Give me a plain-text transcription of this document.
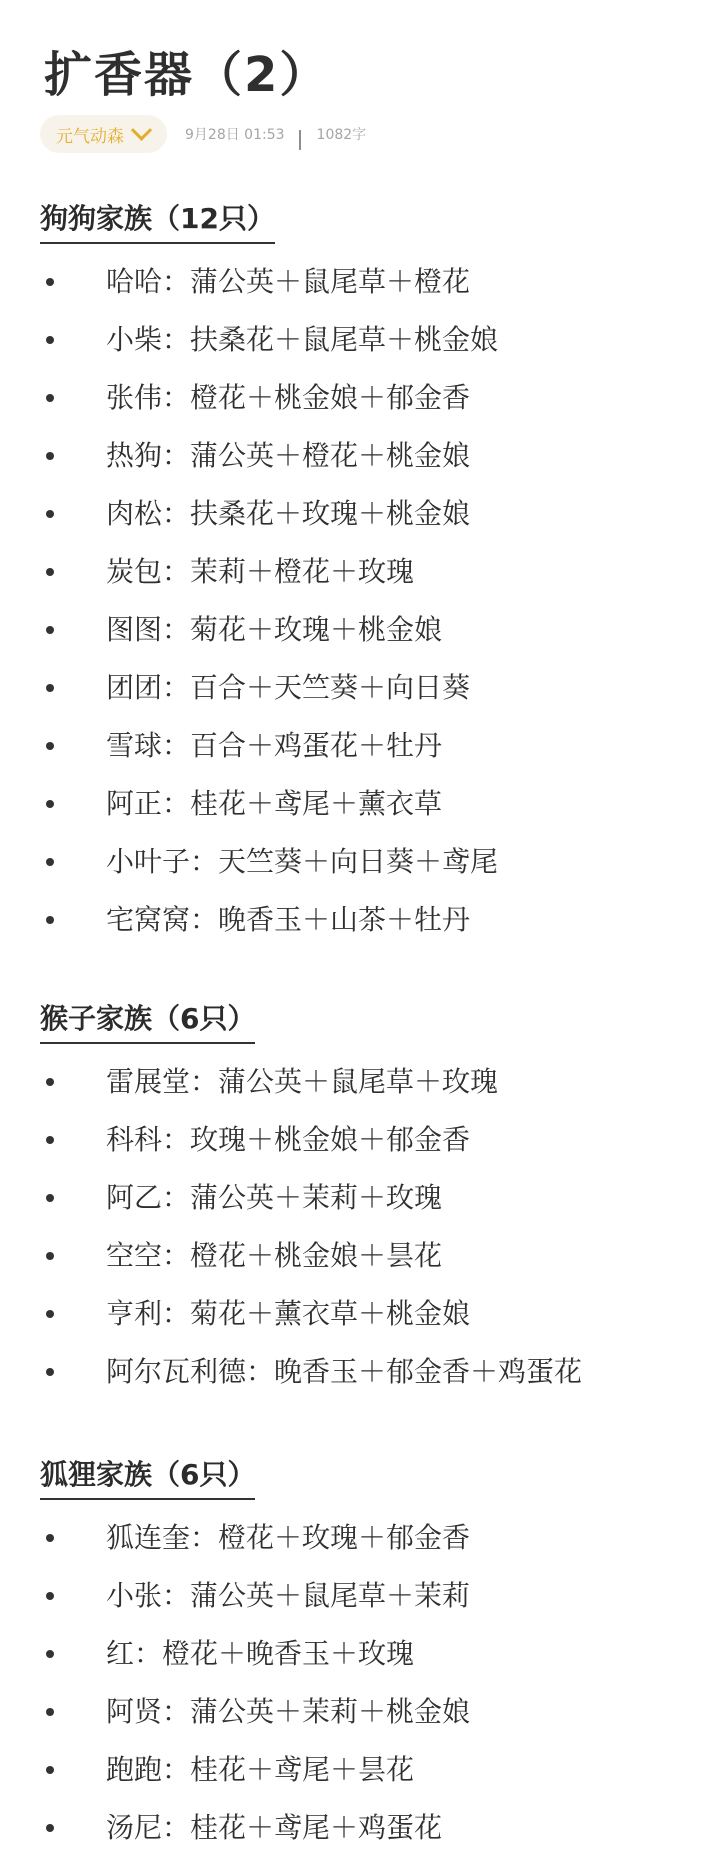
扩香器（2）
元气动森	9月28日 01:53 1082字
狗狗家族（12只）
哈哈：蒲公英＋鼠尾草＋橙花
小柴：扶桑花＋鼠尾草＋桃金娘
张伟：橙花＋桃金娘＋郁金香
热狗：蒲公英＋橙花＋桃金娘
肉松：扶桑花＋玫瑰＋桃金娘
炭包：茉莉＋橙花＋玫瑰
图图：菊花＋玫瑰＋桃金娘
团团：百合＋天竺葵＋向日葵
雪球：百合＋鸡蛋花＋牡丹
阿正：桂花＋鸢尾＋薰衣草
小叶子：天竺葵＋向日葵＋鸢尾
宅窝窝：晚香玉＋山茶＋牡丹
猴子家族（6只）
雷展堂：蒲公英＋鼠尾草＋玫瑰
科科：玫瑰＋桃金娘＋郁金香
阿乙：蒲公英＋茉莉＋玫瑰
空空：橙花＋桃金娘＋昙花
亨利：菊花＋薰衣草＋桃金娘
阿尔瓦利德：晚香玉＋郁金香＋鸡蛋花
狐狸家族（6只）
狐连奎：橙花＋玫瑰＋郁金香
小张：蒲公英＋鼠尾草＋茉莉
红：橙花＋晚香玉＋玫瑰
阿贤：蒲公英＋茉莉＋桃金娘
跑跑：桂花＋鸢尾＋昙花
汤尼：桂花＋鸢尾＋鸡蛋花
